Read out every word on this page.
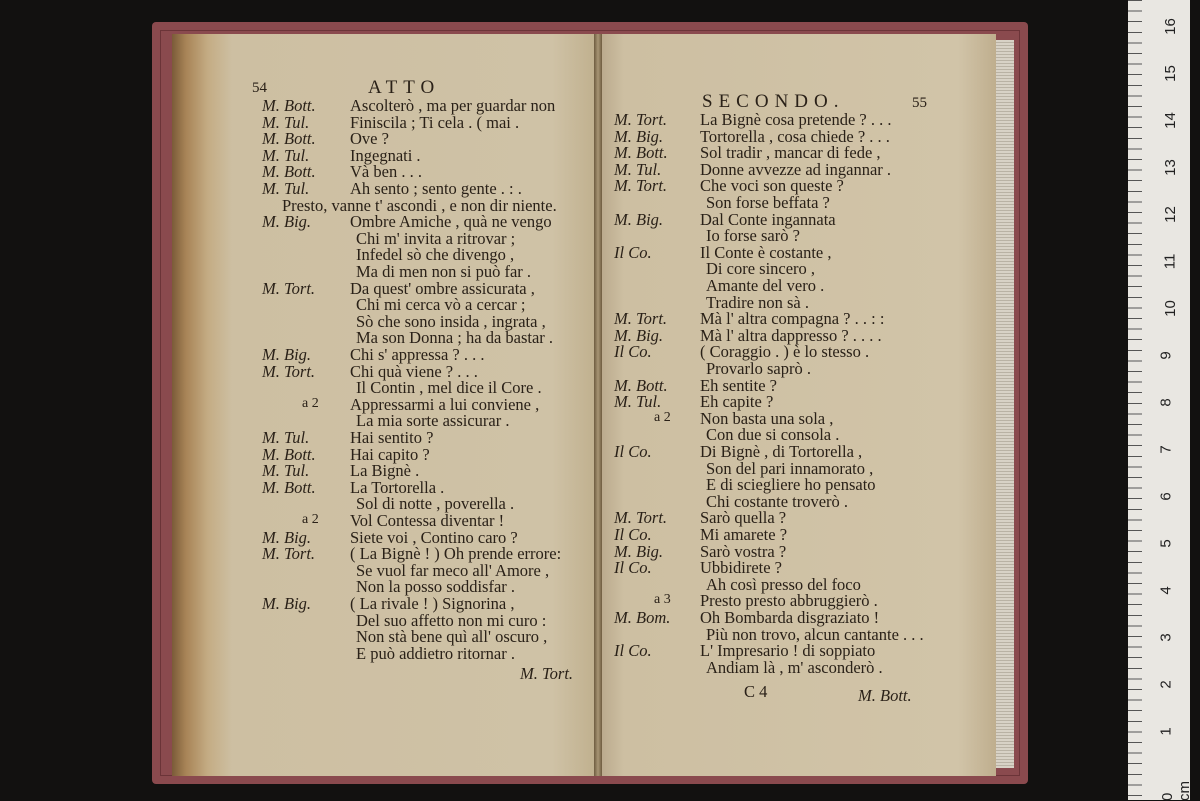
54	ATTO
M. Bott. Ascolterò , ma per guardar non
M. Tul. Finiscila ; Ti cela . ( mai .
M. Bott. Ove ?
M. Tul. Ingegnati .
M. Bott. Và ben . . .
M. Tul. Ah sento ; sento gente . : .
Presto, vanne t' ascondi , e non dir niente.
M. Big. Ombre Amiche , quà ne vengo
Chi m' invita a ritrovar ;
Infedel sò che divengo ,
Ma di men non si può far .
M. Tort. Da quest' ombre assicurata ,
Chi mi cerca vò a cercar ;
Sò che sono insida , ingrata ,
Ma son Donna ; ha da bastar .
M. Big. Chi s' appressa ? . . .
M. Tort. Chi quà viene ? . . .
Il Contin , mel dice il Core .
a 2 Appressarmi a lui conviene ,
La mia sorte assicurar .
M. Tul. Hai sentito ?
M. Bott. Hai capito ?
M. Tul. La Bignè .
M. Bott. La Tortorella .
Sol di notte , poverella .
a 2 Vol Contessa diventar !
M. Big. Siete voi , Contino caro ?
M. Tort. ( La Bignè ! ) Oh prende errore:
Se vuol far meco all' Amore ,
Non la posso soddisfar .
M. Big. ( La rivale ! ) Signorina ,
Del suo affetto non mi curo :
Non stà bene quì all' oscuro ,
E può addietro ritornar .
M. Tort.
SECONDO.	55
M. Tort. La Bignè cosa pretende ? . . .
M. Big. Tortorella , cosa chiede ? . . .
M. Bott. Sol tradir , mancar di fede ,
M. Tul. Donne avvezze ad ingannar .
M. Tort. Che voci son queste ?
Son forse beffata ?
M. Big. Dal Conte ingannata
Io forse sarò ?
Il Co.	Il Conte è costante ,
Di core sincero ,
Amante del vero .
Tradire non sà .
M. Tort. Mà l' altra compagna ? . . : :
M. Big. Mà l' altra dappresso ? . . . .
Il Co.	( Coraggio . ) è lo stesso .
Provarlo saprò .
M. Bott. Eh sentite ?
M. Tul. Eh capite ?
a 2 Non basta una sola ,
Con due si consola .
Il Co.	Di Bignè , di Tortorella ,
Son del pari innamorato ,
E di sciegliere ho pensato
Chi costante troverò .
M. Tort. Sarò quella ?
Il Co.	Mi amarete ?
M. Big. Sarò vostra ?
Il Co.	Ubbidirete ?
Ah così presso del foco
a 3 Presto presto abbruggierò .
M. Bom. Oh Bombarda disgraziato !
Più non trovo, alcun cantante . . .
Il Co.	L' Impresario ! di soppiato
Andiam là , m' asconderò .
C 4	M. Bott.
0 cm
1
2
3
4
5
6
7
8
9
10
11
12
13
14
15
16
